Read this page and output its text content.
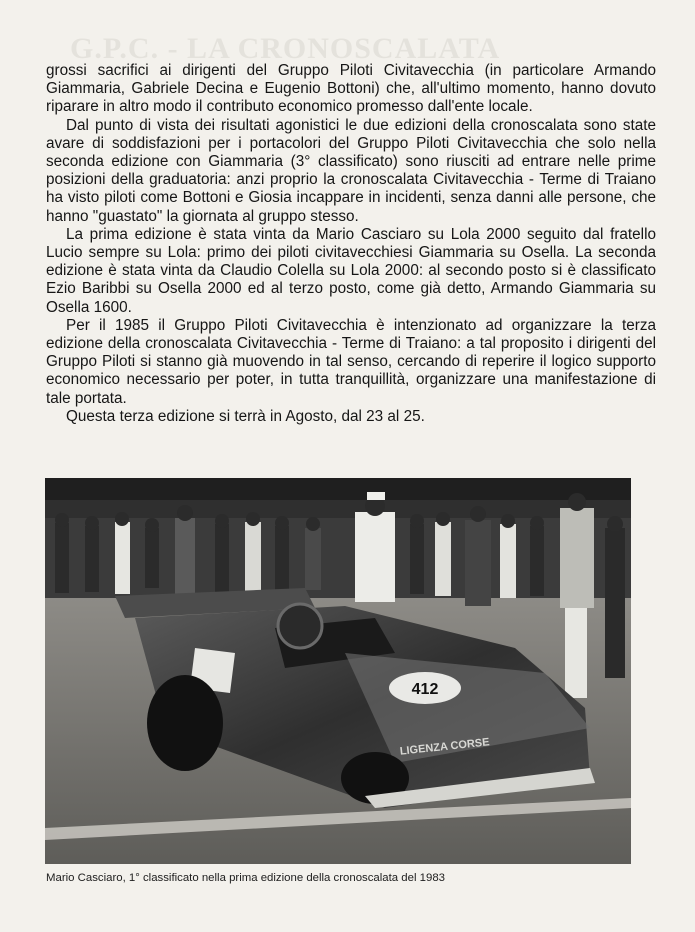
G.P.C. - LA CRONOSCALATA

grossi sacrifici ai dirigenti del Gruppo Piloti Civitavecchia (in particolare Armando Giammaria, Gabriele Decina e Eugenio Bottoni) che, all'ultimo momento, hanno dovuto riparare in altro modo il contributo economico promesso dall'ente locale.

Dal punto di vista dei risultati agonistici le due edizioni della cronoscalata sono state avare di soddisfazioni per i portacolori del Gruppo Piloti Civitavecchia che solo nella seconda edizione con Giammaria (3° classificato) sono riusciti ad entrare nelle prime posizioni della graduatoria: anzi proprio la cronoscalata Civitavecchia - Terme di Traiano ha visto piloti come Bottoni e Giosia incappare in incidenti, senza danni alle persone, che hanno "guastato" la giornata al gruppo stesso.

La prima edizione è stata vinta da Mario Casciaro su Lola 2000 seguito dal fratello Lucio sempre su Lola: primo dei piloti civitavecchiesi Giammaria su Osella. La seconda edizione è stata vinta da Claudio Colella su Lola 2000: al secondo posto si è classificato Ezio Baribbi su Osella 2000 ed al terzo posto, come già detto, Armando Giammaria su Osella 1600.

Per il 1985 il Gruppo Piloti Civitavecchia è intenzionato ad organizzare la terza edizione della cronoscalata Civitavecchia - Terme di Traiano: a tal proposito i dirigenti del Gruppo Piloti si stanno già muovendo in tal senso, cercando di reperire il logico supporto economico necessario per poter, in tutta tranquillità, organizzare una manifestazione di tale portata.

Questa terza edizione si terrà in Agosto, dal 23 al 25.

412
LIGENZA CORSE
Mario Casciaro, 1° classificato nella prima edizione della cronoscalata del 1983
